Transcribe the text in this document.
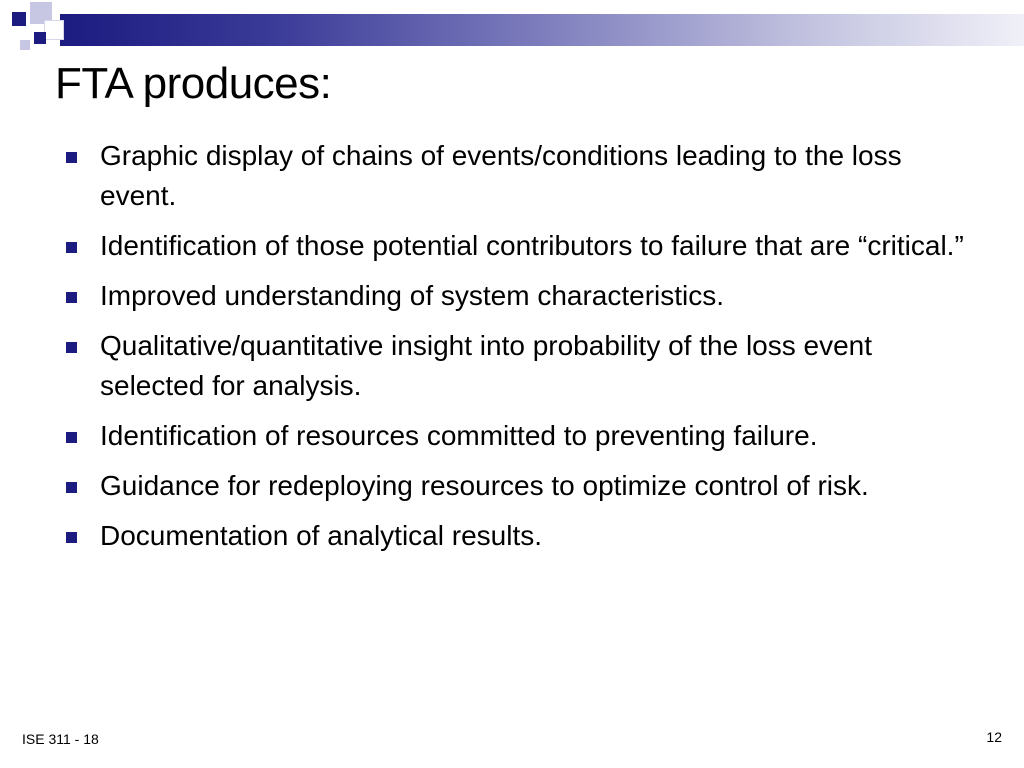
FTA produces:
Graphic display of chains of events/conditions leading to the loss event.
Identification of those potential contributors to failure that are “critical.”
Improved understanding of system characteristics.
Qualitative/quantitative insight into probability of the loss event selected for analysis.
Identification of resources committed to preventing failure.
Guidance for redeploying resources to optimize control of risk.
Documentation of analytical results.
ISE 311 - 18	12
